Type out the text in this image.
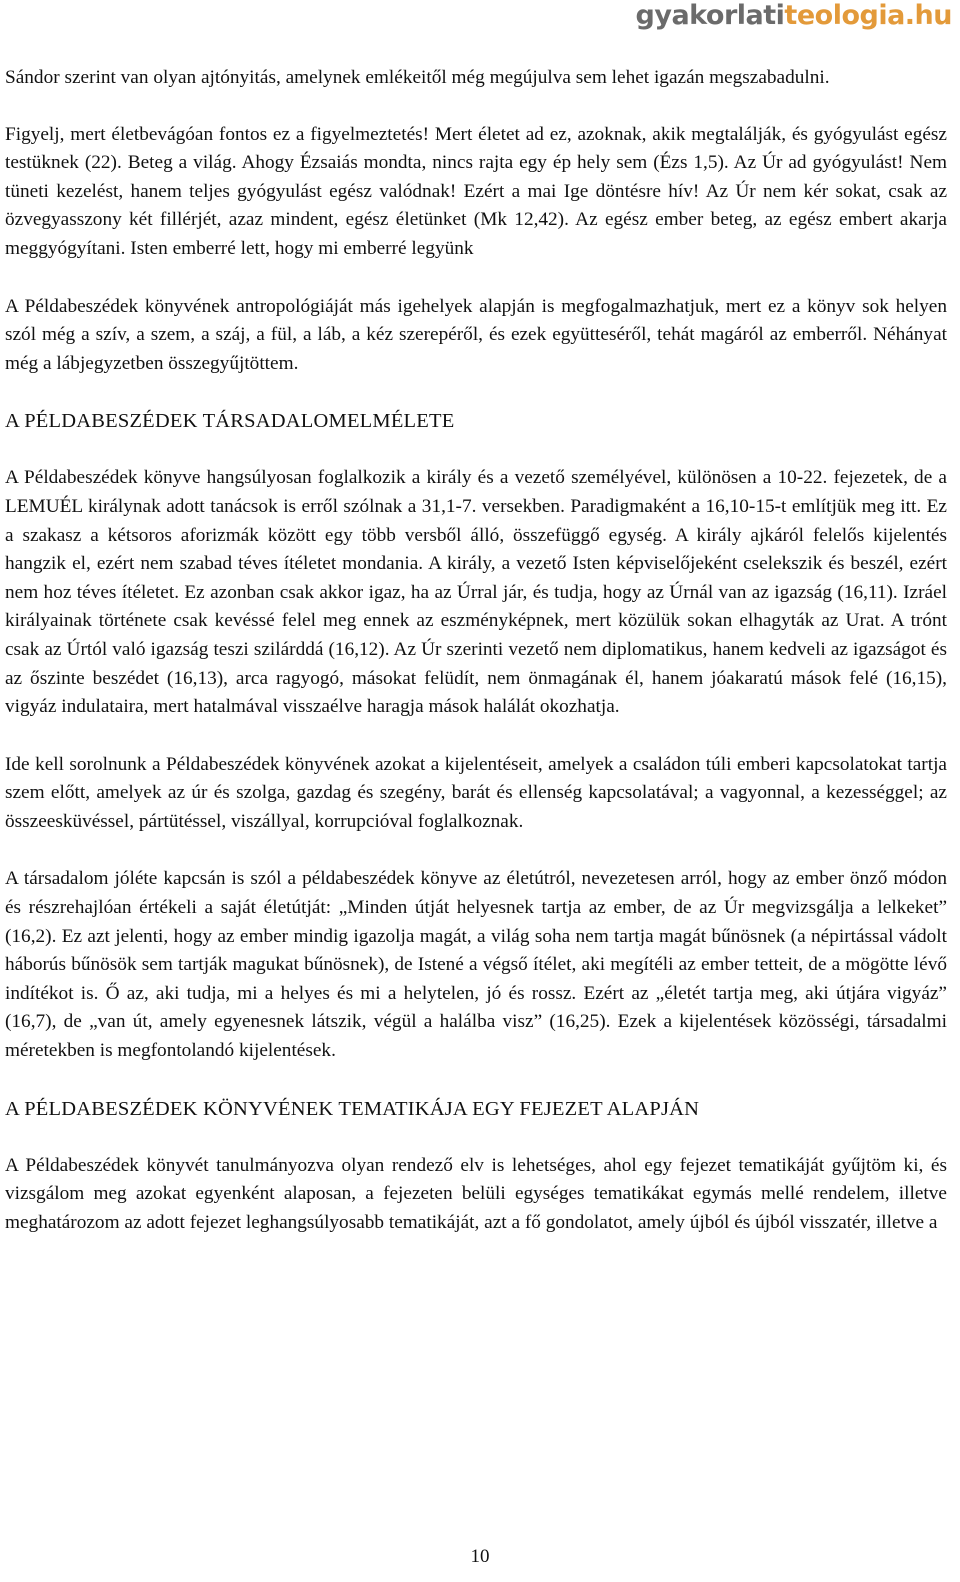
gyakorlatiteologia.hu

Sándor szerint van olyan ajtónyitás, amelynek emlékeitől még megújulva sem lehet igazán megszabadulni.

Figyelj, mert életbevágóan fontos ez a figyelmeztetés! Mert életet ad ez, azoknak, akik megtalálják, és gyógyulást egész testüknek (22). Beteg a világ. Ahogy Ézsaiás mondta, nincs rajta egy ép hely sem (Ézs 1,5). Az Úr ad gyógyulást! Nem tüneti kezelést, hanem teljes gyógyulást egész valódnak! Ezért a mai Ige döntésre hív! Az Úr nem kér sokat, csak az özvegyasszony két fillérjét, azaz mindent, egész életünket (Mk 12,42). Az egész ember beteg, az egész embert akarja meggyógyítani. Isten emberré lett, hogy mi emberré legyünk

A Példabeszédek könyvének antropológiáját más igehelyek alapján is megfogalmazhatjuk, mert ez a könyv sok helyen szól még a szív, a szem, a száj, a fül, a láb, a kéz szerepéről, és ezek együtteséről, tehát magáról az emberről. Néhányat még a lábjegyzetben összegyűjtöttem.

A PÉLDABESZÉDEK TÁRSADALOMELMÉLETE

A Példabeszédek könyve hangsúlyosan foglalkozik a király és a vezető személyével, különösen a 10-22. fejezetek, de a LEMUÉL királynak adott tanácsok is erről szólnak a 31,1-7. versekben. Paradigmaként a 16,10-15-t említjük meg itt. Ez a szakasz a kétsoros aforizmák között egy több versből álló, összefüggő egység. A király ajkáról felelős kijelentés hangzik el, ezért nem szabad téves ítéletet mondania. A király, a vezető Isten képviselőjeként cselekszik és beszél, ezért nem hoz téves ítéletet. Ez azonban csak akkor igaz, ha az Úrral jár, és tudja, hogy az Úrnál van az igazság (16,11). Izráel királyainak története csak kevéssé felel meg ennek az eszményképnek, mert közülük sokan elhagyták az Urat. A trónt csak az Úrtól való igazság teszi szilárddá (16,12). Az Úr szerinti vezető nem diplomatikus, hanem kedveli az igazságot és az őszinte beszédet (16,13), arca ragyogó, másokat felüdít, nem önmagának él, hanem jóakaratú mások felé (16,15), vigyáz indulataira, mert hatalmával visszaélve haragja mások halálát okozhatja.

Ide kell sorolnunk a Példabeszédek könyvének azokat a kijelentéseit, amelyek a családon túli emberi kapcsolatokat tartja szem előtt, amelyek az úr és szolga, gazdag és szegény, barát és ellenség kapcsolatával; a vagyonnal, a kezességgel; az összeesküvéssel, pártütéssel, viszállyal, korrupcióval foglalkoznak.

A társadalom jóléte kapcsán is szól a példabeszédek könyve az életútról, nevezetesen arról, hogy az ember önző módon és részrehajlóan értékeli a saját életútját: „Minden útját helyesnek tartja az ember, de az Úr megvizsgálja a lelkeket” (16,2). Ez azt jelenti, hogy az ember mindig igazolja magát, a világ soha nem tartja magát bűnösnek (a népirtással vádolt háborús bűnösök sem tartják magukat bűnösnek), de Istené a végső ítélet, aki megítéli az ember tetteit, de a mögötte lévő indítékot is. Ő az, aki tudja, mi a helyes és mi a helytelen, jó és rossz. Ezért az „életét tartja meg, aki útjára vigyáz” (16,7), de „van út, amely egyenesnek látszik, végül a halálba visz” (16,25). Ezek a kijelentések közösségi, társadalmi méretekben is megfontolandó kijelentések.

A PÉLDABESZÉDEK KÖNYVÉNEK TEMATIKÁJA EGY FEJEZET ALAPJÁN

A Példabeszédek könyvét tanulmányozva olyan rendező elv is lehetséges, ahol egy fejezet tematikáját gyűjtöm ki, és vizsgálom meg azokat egyenként alaposan, a fejezeten belüli egységes tematikákat egymás mellé rendelem, illetve meghatározom az adott fejezet leghangsúlyosabb tematikáját, azt a fő gondolatot, amely újból és újból visszatér, illetve a

10
